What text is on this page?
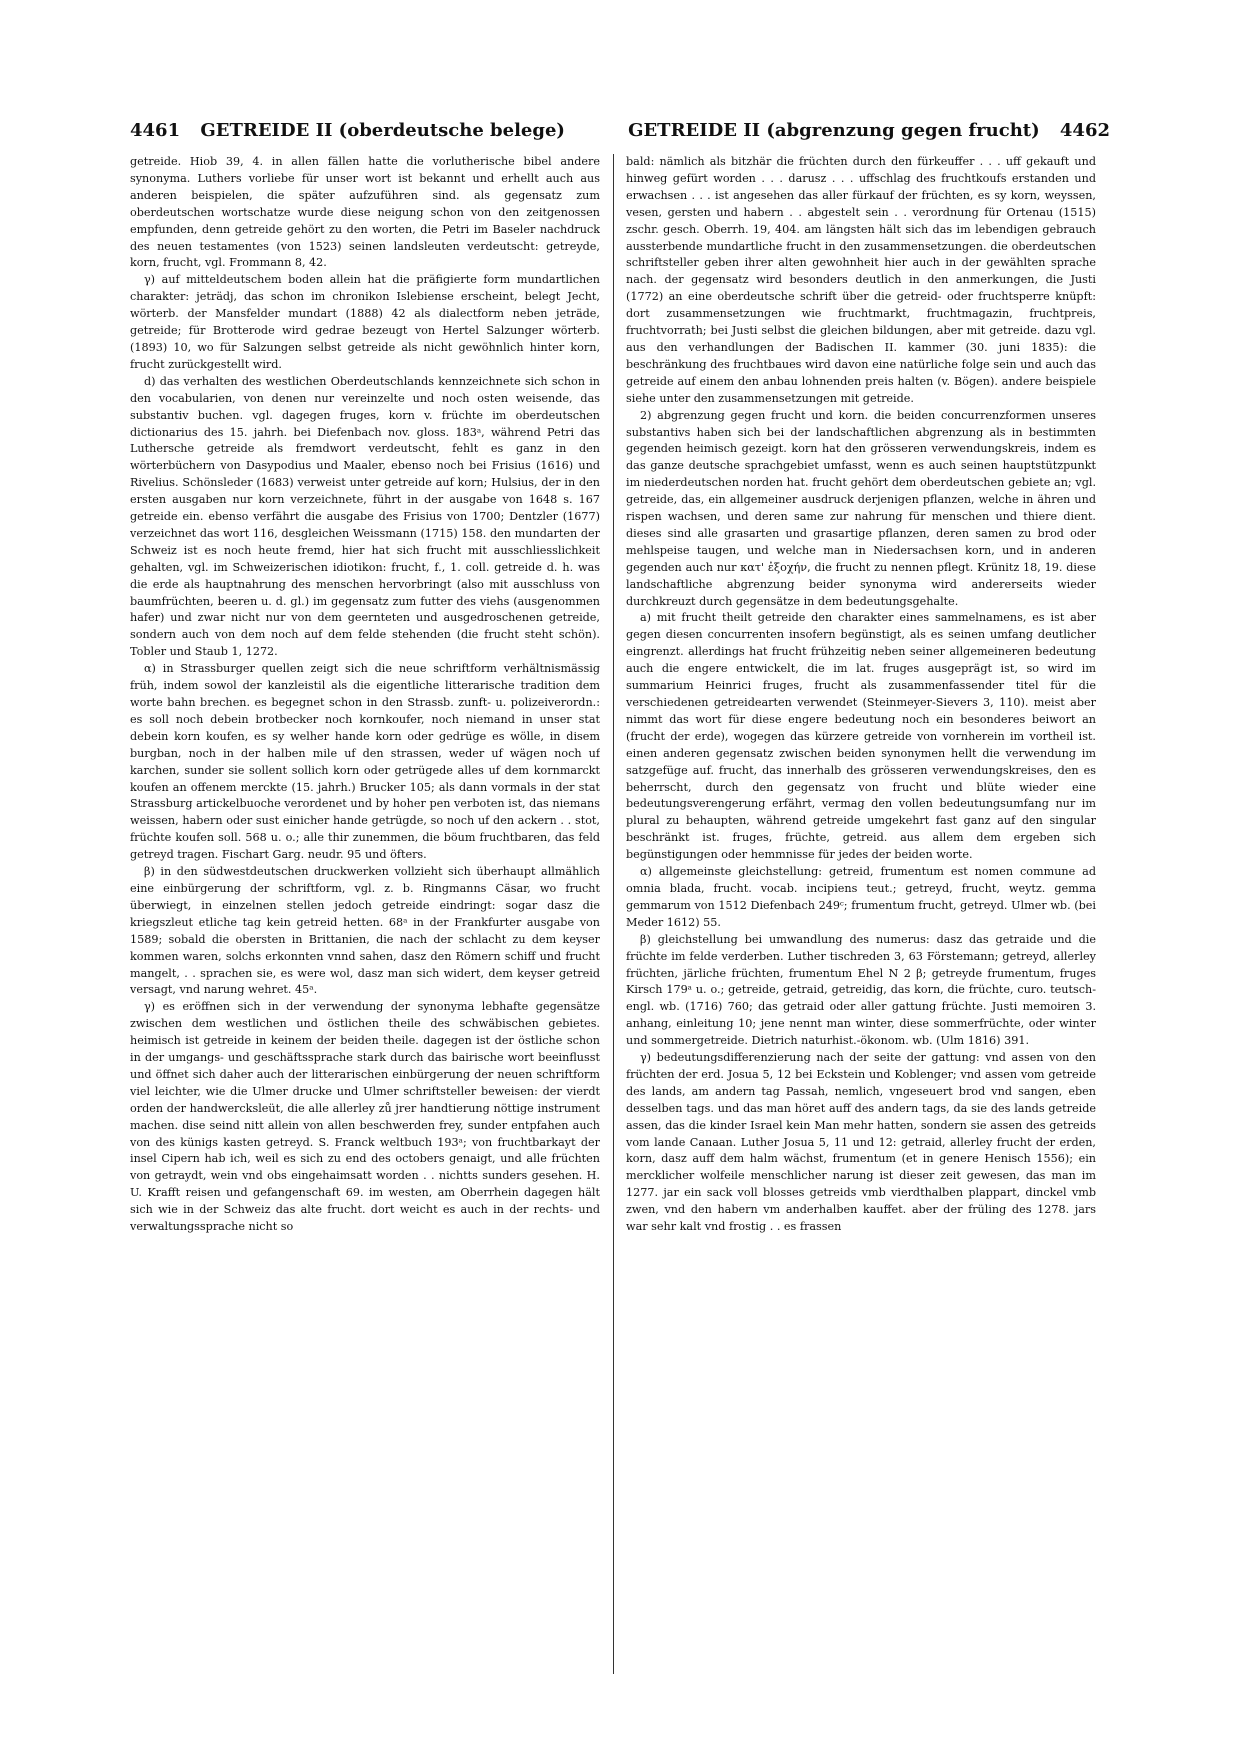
4461 GETREIDE II (oberdeutsche belege)	GETREIDE II (abgrenzung gegen frucht) 4462

getreide. Hiob 39, 4. in allen fällen hatte die vorlutherische bibel andere synonyma. Luthers vorliebe für unser wort ist bekannt und erhellt auch aus anderen beispielen, die später aufzuführen sind. als gegensatz zum oberdeutschen wortschatze wurde diese neigung schon von den zeitgenossen empfunden, denn getreide gehört zu den worten, die Petri im Baseler nachdruck des neuen testamentes (von 1523) seinen landsleuten verdeutscht: getreyde, korn, frucht, vgl. Frommann 8, 42.

γ) auf mitteldeutschem boden allein hat die präfigierte form mundartlichen charakter: jeträdj, das schon im chronikon Islebiense erscheint, belegt Jecht, wörterb. der Mansfelder mundart (1888) 42 als dialectform neben jeträde, getreide; für Brotterode wird gedrae bezeugt von Hertel Salzunger wörterb. (1893) 10, wo für Salzungen selbst getreide als nicht gewöhnlich hinter korn, frucht zurückgestellt wird.

d) das verhalten des westlichen Oberdeutschlands kennzeichnete sich schon in den vocabularien, von denen nur vereinzelte und noch osten weisende, das substantiv buchen. vgl. dagegen fruges, korn v. früchte im oberdeutschen dictionarius des 15. jahrh. bei Diefenbach nov. gloss. 183ᵃ, während Petri das Luthersche getreide als fremdwort verdeutscht, fehlt es ganz in den wörterbüchern von Dasypodius und Maaler, ebenso noch bei Frisius (1616) und Rivelius. Schönsleder (1683) verweist unter getreide auf korn; Hulsius, der in den ersten ausgaben nur korn verzeichnete, führt in der ausgabe von 1648 s. 167 getreide ein. ebenso verfährt die ausgabe des Frisius von 1700; Dentzler (1677) verzeichnet das wort 116, desgleichen Weissmann (1715) 158. den mundarten der Schweiz ist es noch heute fremd, hier hat sich frucht mit ausschliesslichkeit gehalten, vgl. im Schweizerischen idiotikon: frucht, f., 1. coll. getreide d. h. was die erde als hauptnahrung des menschen hervorbringt (also mit ausschluss von baumfrüchten, beeren u. d. gl.) im gegensatz zum futter des viehs (ausgenommen hafer) und zwar nicht nur von dem geernteten und ausgedroschenen getreide, sondern auch von dem noch auf dem felde stehenden (die frucht steht schön). Tobler und Staub 1, 1272.

α) in Strassburger quellen zeigt sich die neue schriftform verhältnismässig früh, indem sowol der kanzleistil als die eigentliche litterarische tradition dem worte bahn brechen. es begegnet schon in den Strassb. zunft- u. polizeiverordn.: es soll noch debein brotbecker noch kornkoufer, noch niemand in unser stat debein korn koufen, es sy welher hande korn oder gedrüge es wölle, in disem burgban, noch in der halben mile uf den strassen, weder uf wägen noch uf karchen, sunder sie sollent sollich korn oder getrügede alles uf dem kornmarckt koufen an offenem merckte (15. jahrh.) Brucker 105; als dann vormals in der stat Strassburg artickelbuoche verordenet und by hoher pen verboten ist, das niemans weissen, habern oder sust einicher hande getrügde, so noch uf den ackern . . stot, früchte koufen soll. 568 u. o.; alle thir zunemmen, die böum fruchtbaren, das feld getreyd tragen. Fischart Garg. neudr. 95 und öfters.

β) in den südwestdeutschen druckwerken vollzieht sich überhaupt allmählich eine einbürgerung der schriftform, vgl. z. b. Ringmanns Cäsar, wo frucht überwiegt, in einzelnen stellen jedoch getreide eindringt: sogar dasz die kriegszleut etliche tag kein getreid hetten. 68ᵃ in der Frankfurter ausgabe von 1589; sobald die obersten in Brittanien, die nach der schlacht zu dem keyser kommen waren, solchs erkonnten vnnd sahen, dasz den Römern schiff und frucht mangelt, . . sprachen sie, es were wol, dasz man sich widert, dem keyser getreid versagt, vnd narung wehret. 45ᵃ.

γ) es eröffnen sich in der verwendung der synonyma lebhafte gegensätze zwischen dem westlichen und östlichen theile des schwäbischen gebietes. heimisch ist getreide in keinem der beiden theile. dagegen ist der östliche schon in der umgangs- und geschäftssprache stark durch das bairische wort beeinflusst und öffnet sich daher auch der litterarischen einbürgerung der neuen schriftform viel leichter, wie die Ulmer drucke und Ulmer schriftsteller beweisen: der vierdt orden der handwercksleüt, die alle allerley zů jrer handtierung nöttige instrument machen. dise seind nitt allein von allen beschwerden frey, sunder entpfahen auch von des künigs kasten getreyd. S. Franck weltbuch 193ᵃ; von fruchtbarkayt der insel Cipern hab ich, weil es sich zu end des octobers genaigt, und alle früchten von getraydt, wein vnd obs eingehaimsatt worden . . nichtts sunders gesehen. H. U. Krafft reisen und gefangenschaft 69. im westen, am Oberrhein dagegen hält sich wie in der Schweiz das alte frucht. dort weicht es auch in der rechts- und verwaltungssprache nicht so

bald: nämlich als bitzhär die früchten durch den fürkeuffer . . . uff gekauft und hinweg gefürt worden . . . darusz . . . uffschlag des fruchtkoufs erstanden und erwachsen . . . ist angesehen das aller fürkauf der früchten, es sy korn, weyssen, vesen, gersten und habern . . abgestelt sein . . verordnung für Ortenau (1515) zschr. gesch. Oberrh. 19, 404. am längsten hält sich das im lebendigen gebrauch aussterbende mundartliche frucht in den zusammensetzungen. die oberdeutschen schriftsteller geben ihrer alten gewohnheit hier auch in der gewählten sprache nach. der gegensatz wird besonders deutlich in den anmerkungen, die Justi (1772) an eine oberdeutsche schrift über die getreid- oder fruchtsperre knüpft: dort zusammensetzungen wie fruchtmarkt, fruchtmagazin, fruchtpreis, fruchtvorrath; bei Justi selbst die gleichen bildungen, aber mit getreide. dazu vgl. aus den verhandlungen der Badischen II. kammer (30. juni 1835): die beschränkung des fruchtbaues wird davon eine natürliche folge sein und auch das getreide auf einem den anbau lohnenden preis halten (v. Bögen). andere beispiele siehe unter den zusammensetzungen mit getreide.

2) abgrenzung gegen frucht und korn. die beiden concurrenzformen unseres substantivs haben sich bei der landschaftlichen abgrenzung als in bestimmten gegenden heimisch gezeigt. korn hat den grösseren verwendungskreis, indem es das ganze deutsche sprachgebiet umfasst, wenn es auch seinen hauptstützpunkt im niederdeutschen norden hat. frucht gehört dem oberdeutschen gebiete an; vgl. getreide, das, ein allgemeiner ausdruck derjenigen pflanzen, welche in ähren und rispen wachsen, und deren same zur nahrung für menschen und thiere dient. dieses sind alle grasarten und grasartige pflanzen, deren samen zu brod oder mehlspeise taugen, und welche man in Niedersachsen korn, und in anderen gegenden auch nur κατ' ἐξοχήν, die frucht zu nennen pflegt. Krünitz 18, 19. diese landschaftliche abgrenzung beider synonyma wird andererseits wieder durchkreuzt durch gegensätze in dem bedeutungsgehalte.

a) mit frucht theilt getreide den charakter eines sammelnamens, es ist aber gegen diesen concurrenten insofern begünstigt, als es seinen umfang deutlicher eingrenzt. allerdings hat frucht frühzeitig neben seiner allgemeineren bedeutung auch die engere entwickelt, die im lat. fruges ausgeprägt ist, so wird im summarium Heinrici fruges, frucht als zusammenfassender titel für die verschiedenen getreidearten verwendet (Steinmeyer-Sievers 3, 110). meist aber nimmt das wort für diese engere bedeutung noch ein besonderes beiwort an (frucht der erde), wogegen das kürzere getreide von vornherein im vortheil ist. einen anderen gegensatz zwischen beiden synonymen hellt die verwendung im satzgefüge auf. frucht, das innerhalb des grösseren verwendungskreises, den es beherrscht, durch den gegensatz von frucht und blüte wieder eine bedeutungsverengerung erfährt, vermag den vollen bedeutungsumfang nur im plural zu behaupten, während getreide umgekehrt fast ganz auf den singular beschränkt ist. fruges, früchte, getreid. aus allem dem ergeben sich begünstigungen oder hemmnisse für jedes der beiden worte.

α) allgemeinste gleichstellung: getreid, frumentum est nomen commune ad omnia blada, frucht. vocab. incipiens teut.; getreyd, frucht, weytz. gemma gemmarum von 1512 Diefenbach 249ᶜ; frumentum frucht, getreyd. Ulmer wb. (bei Meder 1612) 55.

β) gleichstellung bei umwandlung des numerus: dasz das getraide und die früchte im felde verderben. Luther tischreden 3, 63 Förstemann; getreyd, allerley früchten, järliche früchten, frumentum Ehel N 2 β; getreyde frumentum, fruges Kirsch 179ᵃ u. o.; getreide, getraid, getreidig, das korn, die früchte, curo. teutsch-engl. wb. (1716) 760; das getraid oder aller gattung früchte. Justi memoiren 3. anhang, einleitung 10; jene nennt man winter, diese sommerfrüchte, oder winter und sommergetreide. Dietrich naturhist.-ökonom. wb. (Ulm 1816) 391.

γ) bedeutungsdifferenzierung nach der seite der gattung: vnd assen von den früchten der erd. Josua 5, 12 bei Eckstein und Koblenger; vnd assen vom getreide des lands, am andern tag Passah, nemlich, vngeseuert brod vnd sangen, eben desselben tags. und das man höret auff des andern tags, da sie des lands getreide assen, das die kinder Israel kein Man mehr hatten, sondern sie assen des getreids vom lande Canaan. Luther Josua 5, 11 und 12: getraid, allerley frucht der erden, korn, dasz auff dem halm wächst, frumentum (et in genere Henisch 1556); ein mercklicher wolfeile menschlicher narung ist dieser zeit gewesen, das man im 1277. jar ein sack voll blosses getreids vmb vierdthalben plappart, dinckel vmb zwen, vnd den habern vm anderhalben kauffet. aber der früling des 1278. jars war sehr kalt vnd frostig . . es frassen
